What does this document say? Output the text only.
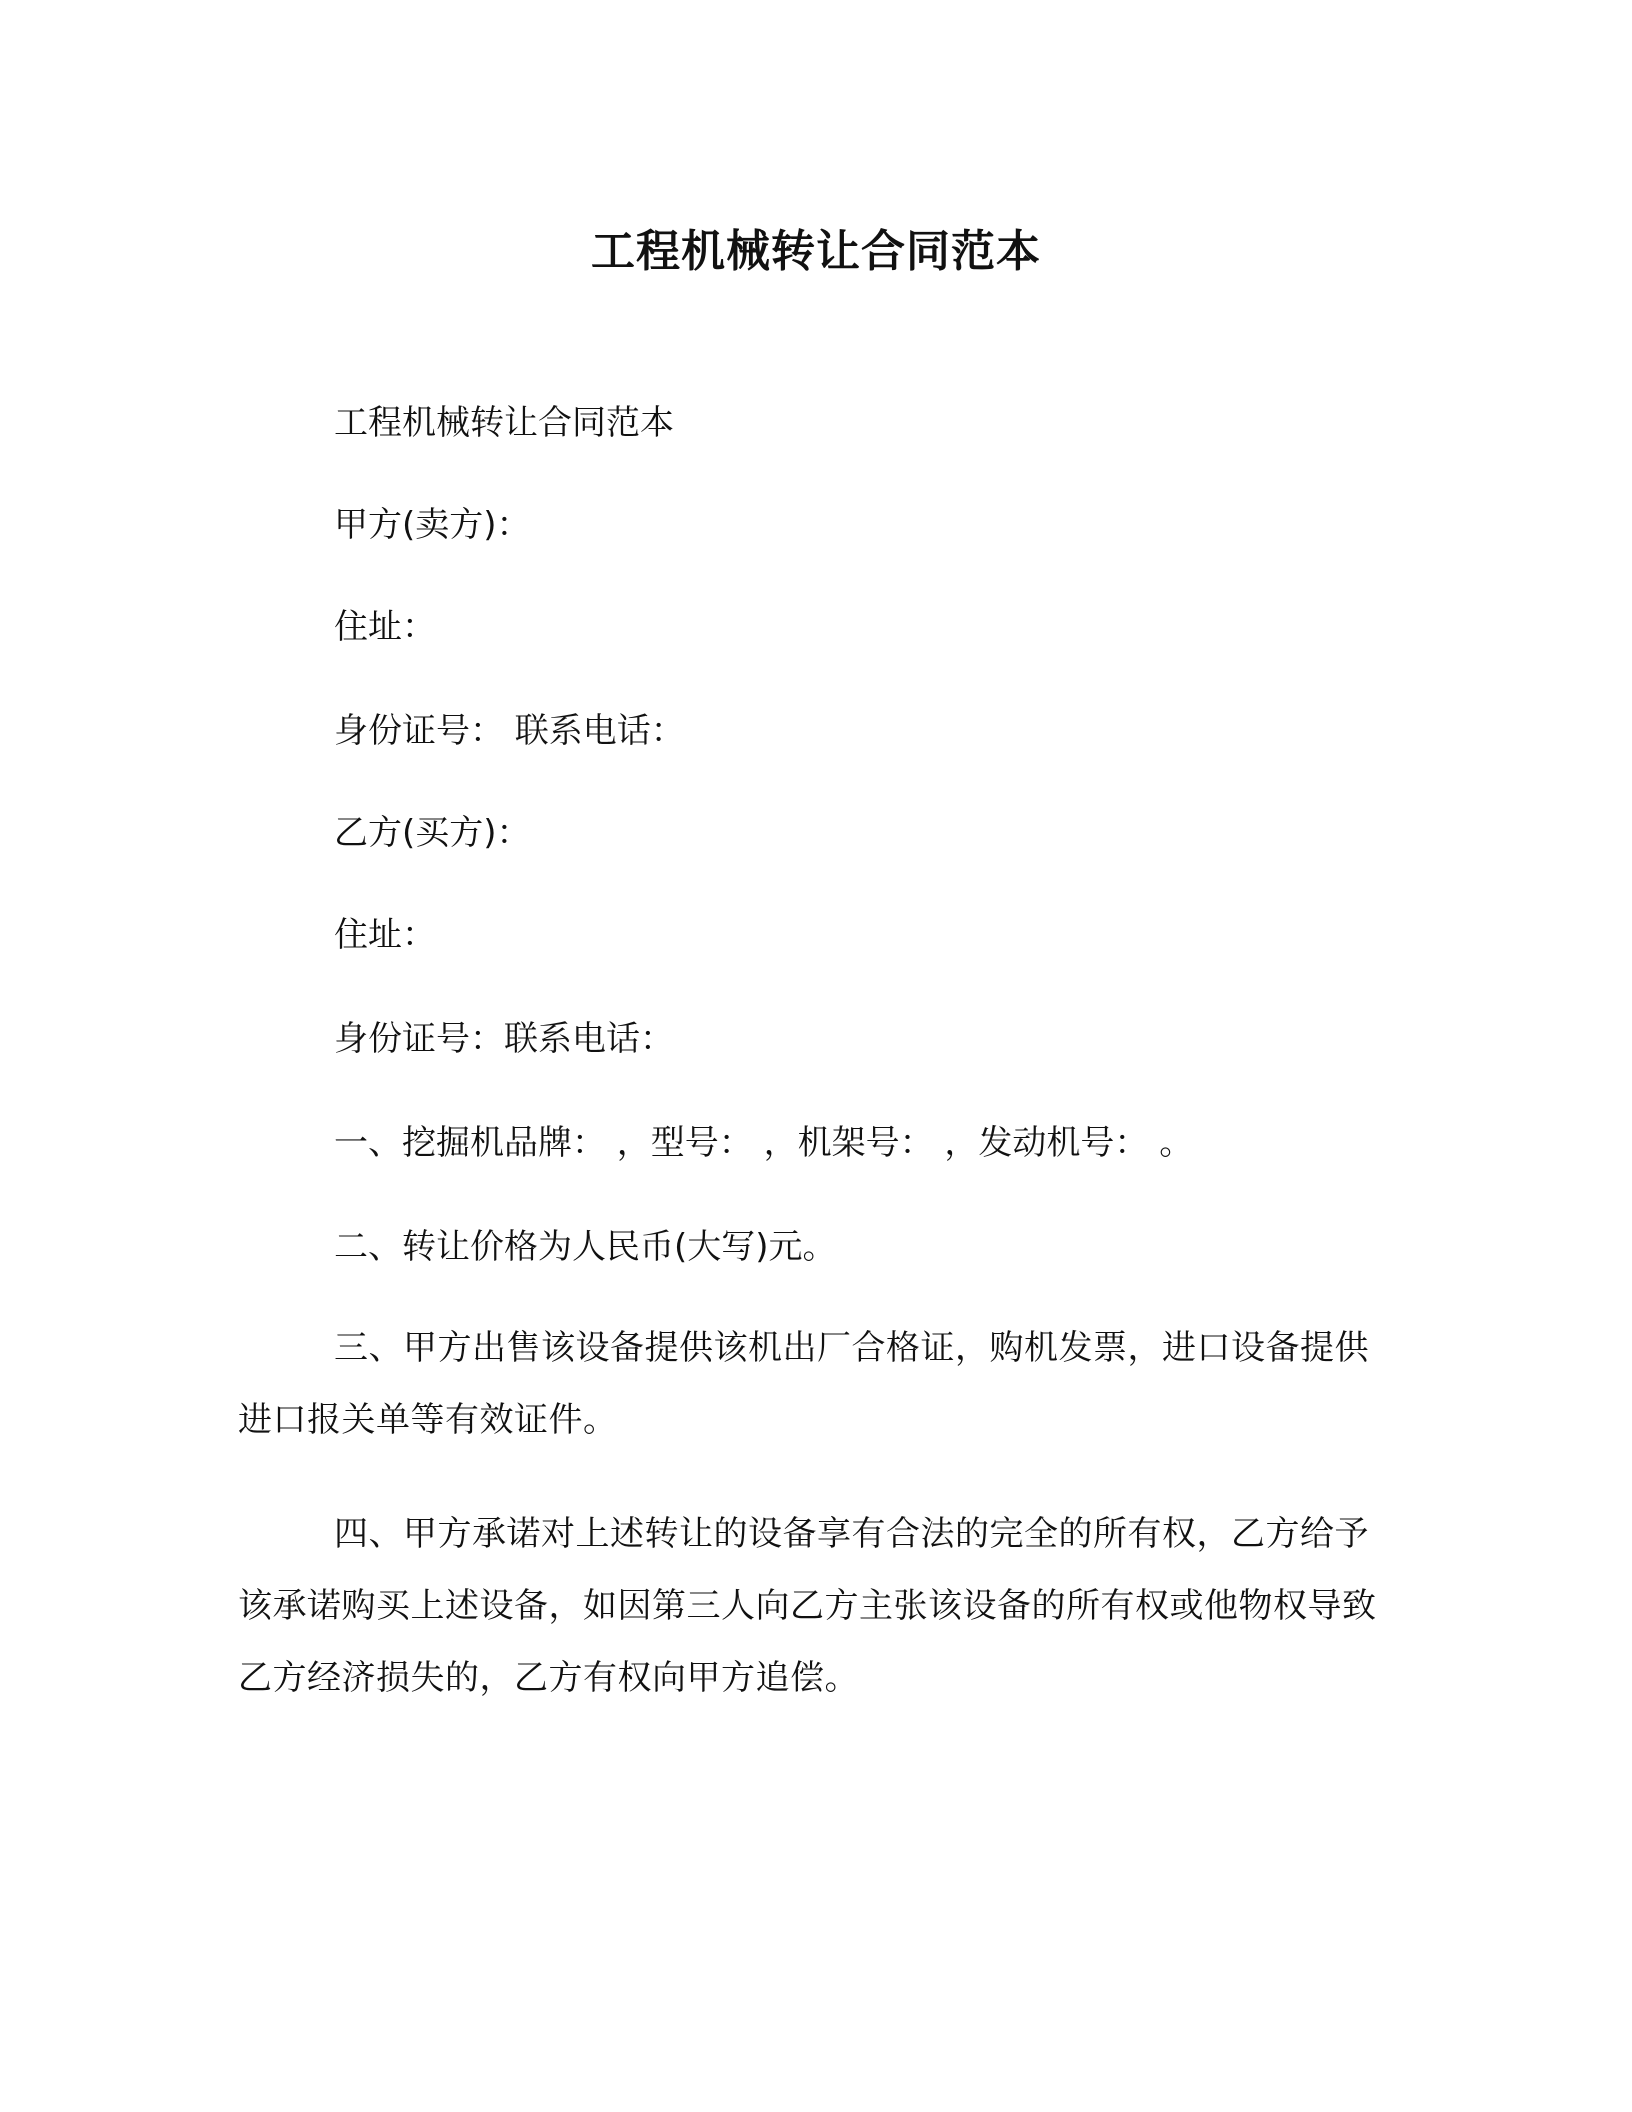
工程机械转让合同范本
工程机械转让合同范本
甲方(卖方)：
住址：
身份证号： 联系电话：
乙方(买方)：
住址：
身份证号：联系电话：
一、挖掘机品牌： ，型号： ，机架号： ，发动机号： 。
二、转让价格为人民币(大写)元。
三、甲方出售该设备提供该机出厂合格证，购机发票，进口设备提供进口报关单等有效证件。
四、甲方承诺对上述转让的设备享有合法的完全的所有权，乙方给予该承诺购买上述设备，如因第三人向乙方主张该设备的所有权或他物权导致乙方经济损失的，乙方有权向甲方追偿。
